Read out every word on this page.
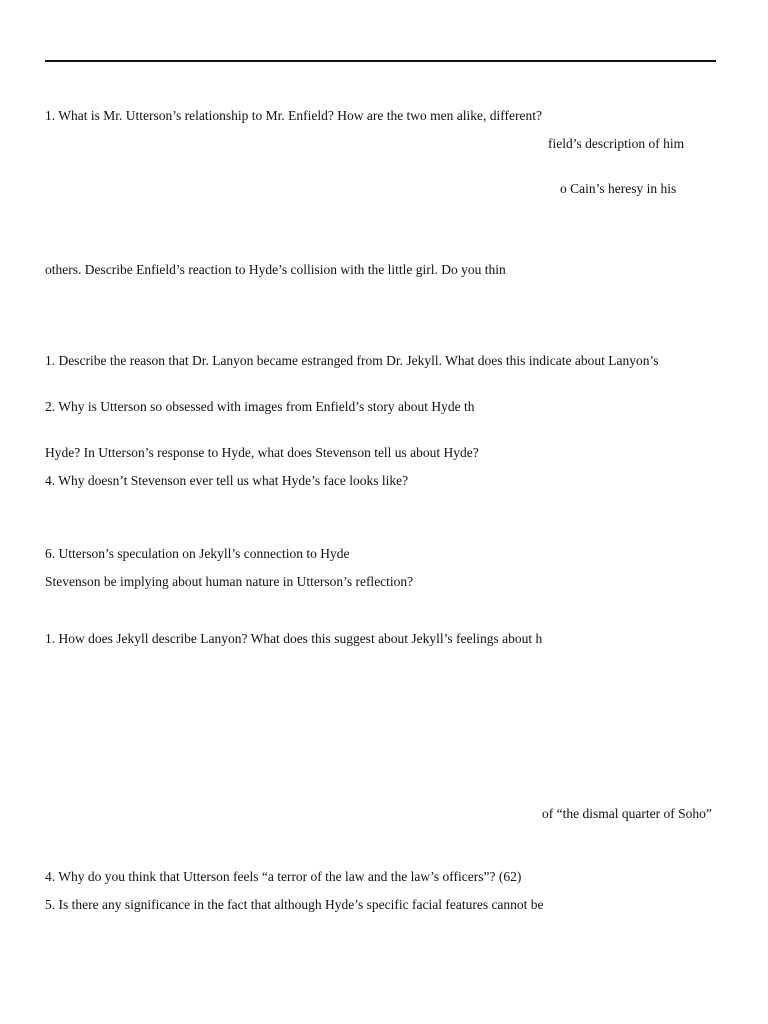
1. What is Mr. Utterson’s relationship to Mr. Enfield? How are the two men alike, different?
field’s description of him
o Cain’s heresy in his
others. Describe Enfield’s reaction to Hyde’s collision with the little girl. Do you thin
1. Describe the reason that Dr. Lanyon became estranged from Dr. Jekyll. What does this indicate about Lanyon’s
2. Why is Utterson so obsessed with images from Enfield’s story about Hyde th
Hyde? In Utterson’s response to Hyde, what does Stevenson tell us about Hyde?
4. Why doesn’t Stevenson ever tell us what Hyde’s face looks like?
6. Utterson’s speculation on Jekyll’s connection to Hyde
Stevenson be implying about human nature in Utterson’s reflection?
1. How does Jekyll describe Lanyon? What does this suggest about Jekyll’s feelings about h
of “the dismal quarter of Soho”
4. Why do you think that Utterson feels “a terror of the law and the law’s officers”? (62)
5. Is there any significance in the fact that although Hyde’s specific facial features cannot be
